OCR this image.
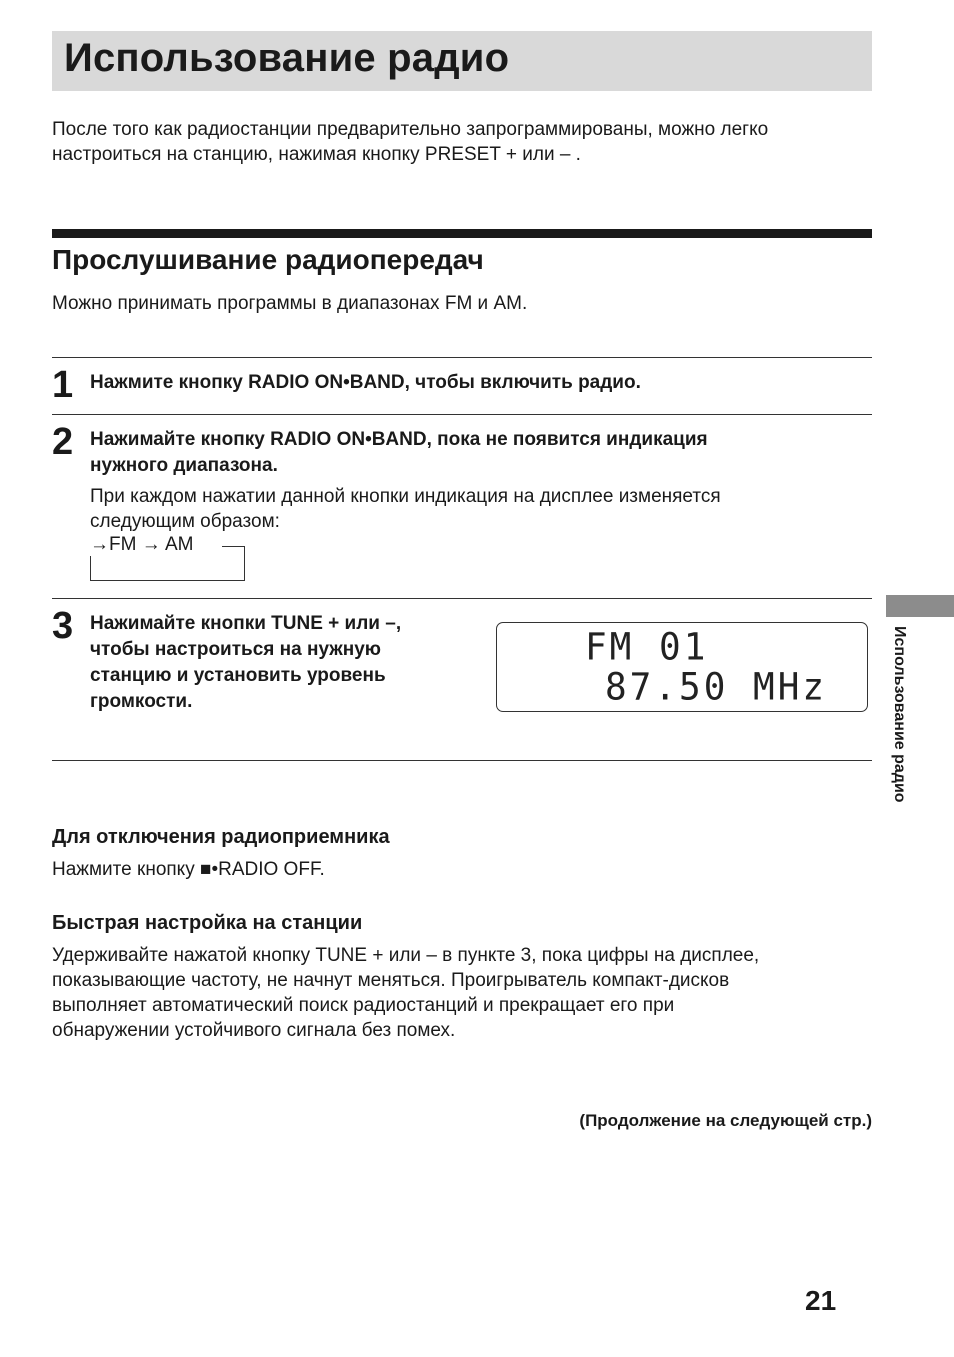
Использование радио
После того как радиостанции предварительно запрограммированы, можно легко
настроиться на станцию, нажимая кнопку PRESET + или – .
Прослушивание радиопередач
Можно принимать программы в диапазонах FM и AM.
1 Нажмите кнопку RADIO ON•BAND, чтобы включить радио.
2 Нажимайте кнопку RADIO ON•BAND, пока не появится индикация
нужного диапазона.
При каждом нажатии данной кнопки индикация на дисплее изменяется
следующим образом:
→FM → AM
3 Нажимайте кнопки TUNE + или –,
чтобы настроиться на нужную
станцию и установить уровень
громкости.
FM 01
87.50 MHz
Для отключения радиоприемника
Нажмите кнопку ■•RADIO OFF.
Быстрая настройка на станции
Удерживайте нажатой кнопку TUNE + или – в пункте 3, пока цифры на дисплее,
показывающие частоту, не начнут меняться. Проигрыватель компакт-дисков
выполняет автоматический поиск радиостанций и прекращает его при
обнаружении устойчивого сигнала без помех.
Использование радио
(Продолжение на следующей стр.)
21
